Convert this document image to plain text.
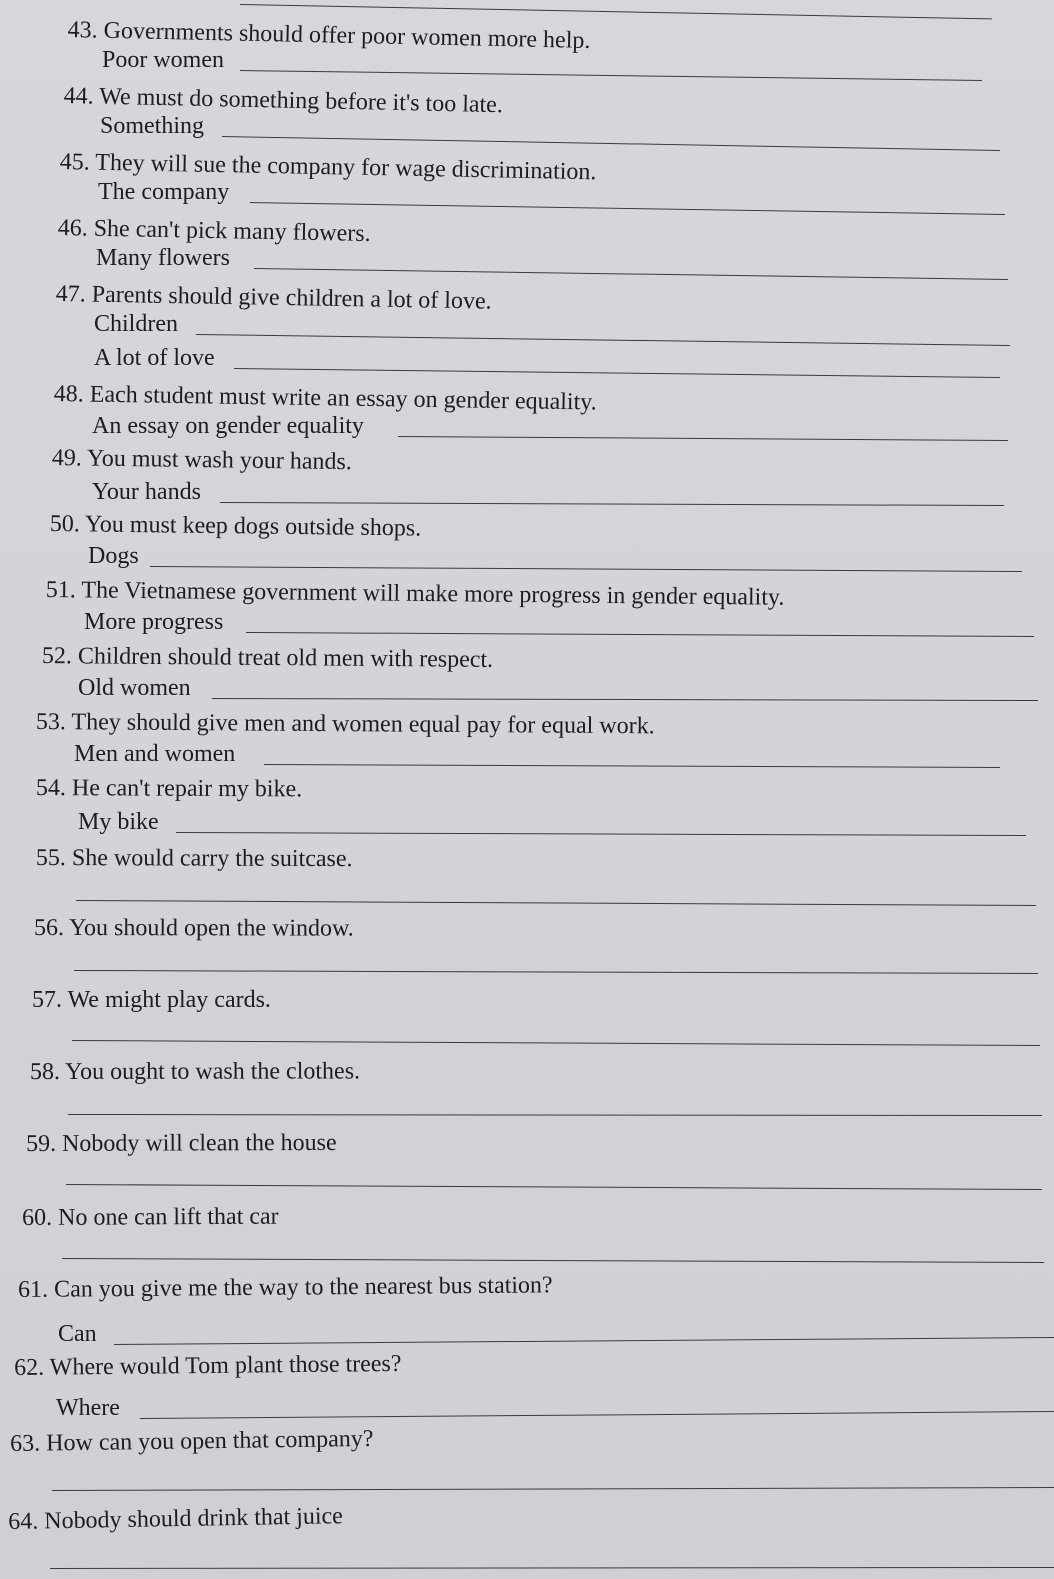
43. Governments should offer poor women more help.
Poor women
44. We must do something before it's too late.
Something
45. They will sue the company for wage discrimination.
The company
46. She can't pick many flowers.
Many flowers
47. Parents should give children a lot of love.
Children
A lot of love
48. Each student must write an essay on gender equality.
An essay on gender equality
49. You must wash your hands.
Your hands
50. You must keep dogs outside shops.
Dogs
51. The Vietnamese government will make more progress in gender equality.
More progress
52. Children should treat old men with respect.
Old women
53. They should give men and women equal pay for equal work.
Men and women
54. He can't repair my bike.
My bike
55. She would carry the suitcase.
56. You should open the window.
57. We might play cards.
58. You ought to wash the clothes.
59. Nobody will clean the house
60. No one can lift that car
61. Can you give me the way to the nearest bus station?
Can
62. Where would Tom plant those trees?
Where
63. How can you open that company?
64. Nobody should drink that juice
